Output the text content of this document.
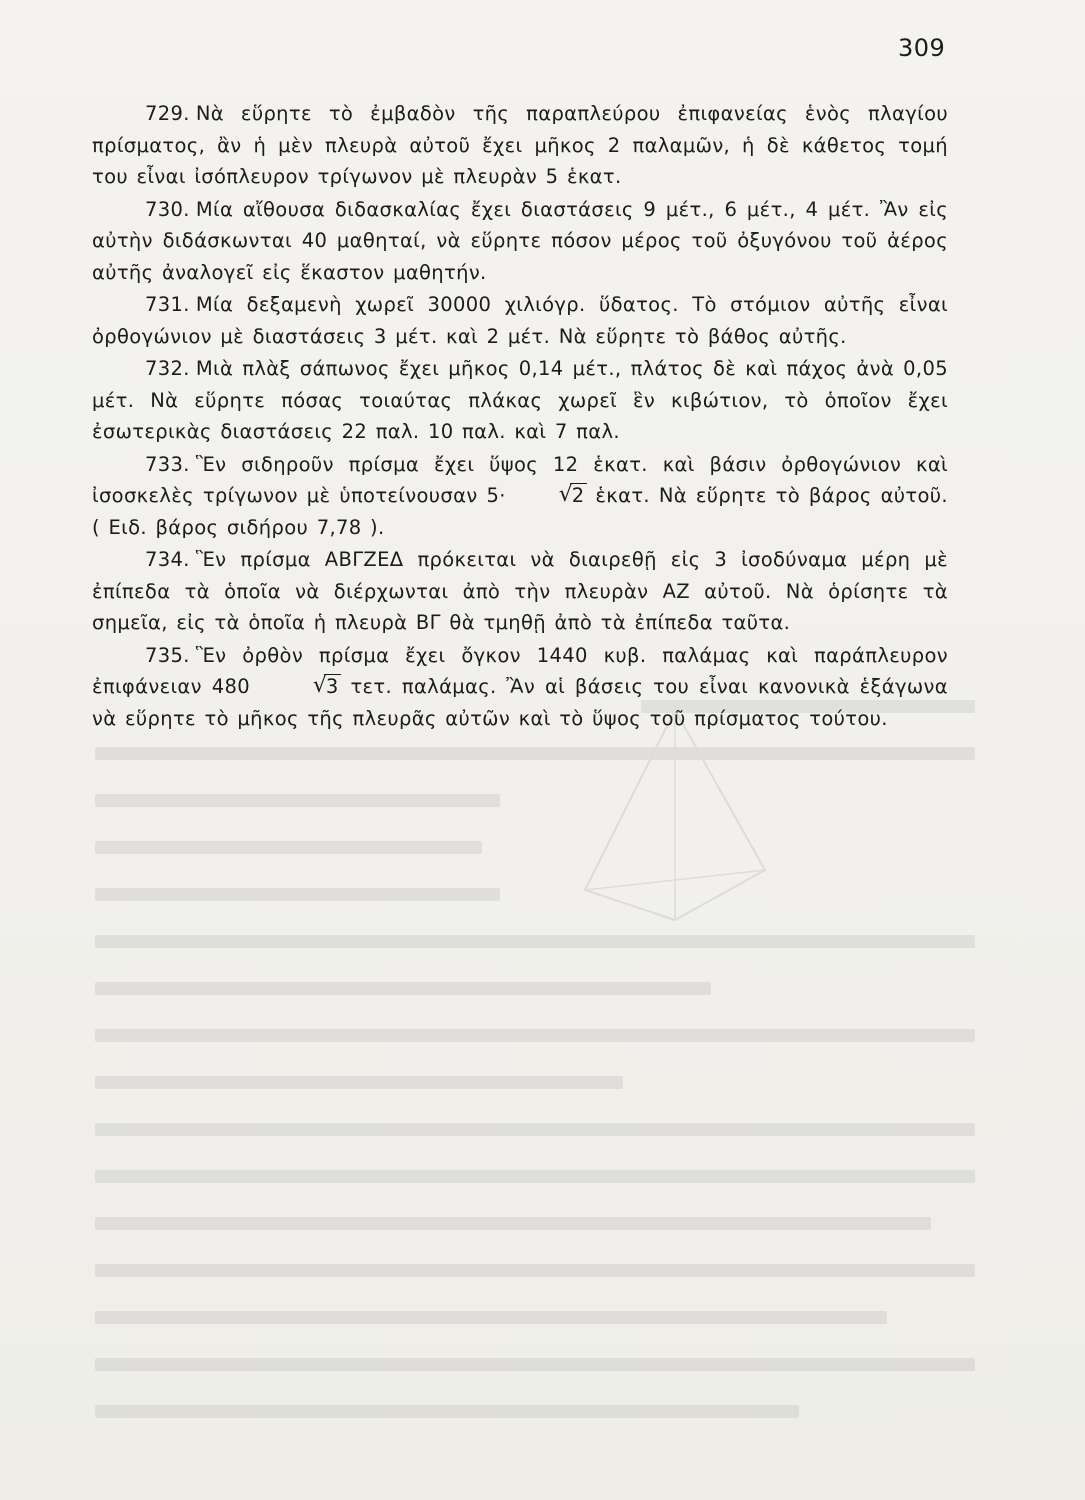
309

729. Νὰ εὕρητε τὸ ἐμβαδὸν τῆς παραπλεύρου ἐπιφανείας ἑνὸς πλαγίου πρίσματος, ἂν ἡ μὲν πλευρὰ αὐτοῦ ἔχει μῆκος 2 παλαμῶν, ἡ δὲ κάθετος τομή του εἶναι ἰσόπλευρον τρίγωνον μὲ πλευρὰν 5 ἑκατ.

730. Μία αἴθουσα διδασκαλίας ἔχει διαστάσεις 9 μέτ., 6 μέτ., 4 μέτ. Ἂν εἰς αὐτὴν διδάσκωνται 40 μαθηταί, νὰ εὕρητε πόσον μέρος τοῦ ὀξυγόνου τοῦ ἀέρος αὐτῆς ἀναλογεῖ εἰς ἕκαστον μαθητήν.

731. Μία δεξαμενὴ χωρεῖ 30000 χιλιόγρ. ὕδατος. Τὸ στόμιον αὐτῆς εἶναι ὀρθογώνιον μὲ διαστάσεις 3 μέτ. καὶ 2 μέτ. Νὰ εὕρητε τὸ βάθος αὐτῆς.

732. Μιὰ πλὰξ σάπωνος ἔχει μῆκος 0,14 μέτ., πλάτος δὲ καὶ πάχος ἀνὰ 0,05 μέτ. Νὰ εὕρητε πόσας τοιαύτας πλάκας χωρεῖ ἓν κιβώτιον, τὸ ὁποῖον ἔχει ἐσωτερικὰς διαστάσεις 22 παλ. 10 παλ. καὶ 7 παλ.

733. Ἓν σιδηροῦν πρίσμα ἔχει ὕψος 12 ἑκατ. καὶ βάσιν ὀρθογώνιον καὶ ἰσοσκελὲς τρίγωνον μὲ ὑποτείνουσαν 5·	√
2 ἑκατ. Νὰ εὕρητε τὸ βάρος αὐτοῦ. ( Ειδ. βάρος σιδήρου 7,78 ).

734. Ἓν πρίσμα ΑΒΓΖΕΔ πρόκειται νὰ διαιρεθῇ εἰς 3 ἰσοδύναμα μέρη μὲ ἐπίπεδα τὰ ὁποῖα νὰ διέρχωνται ἀπὸ τὴν πλευρὰν ΑΖ αὐτοῦ. Νὰ ὁρίσητε τὰ σημεῖα, εἰς τὰ ὁποῖα ἡ πλευρὰ ΒΓ θὰ τμηθῇ ἀπὸ τὰ ἐπίπεδα ταῦτα.

735. Ἓν ὀρθὸν πρίσμα ἔχει ὄγκον 1440 κυβ. παλάμας καὶ παράπλευρον ἐπιφάνειαν 480	√
3 τετ. παλάμας. Ἂν αἱ βάσεις του εἶναι κανονικὰ ἑξάγωνα νὰ εὕρητε τὸ μῆκος τῆς πλευρᾶς αὐτῶν καὶ τὸ ὕψος τοῦ πρίσματος τούτου.
